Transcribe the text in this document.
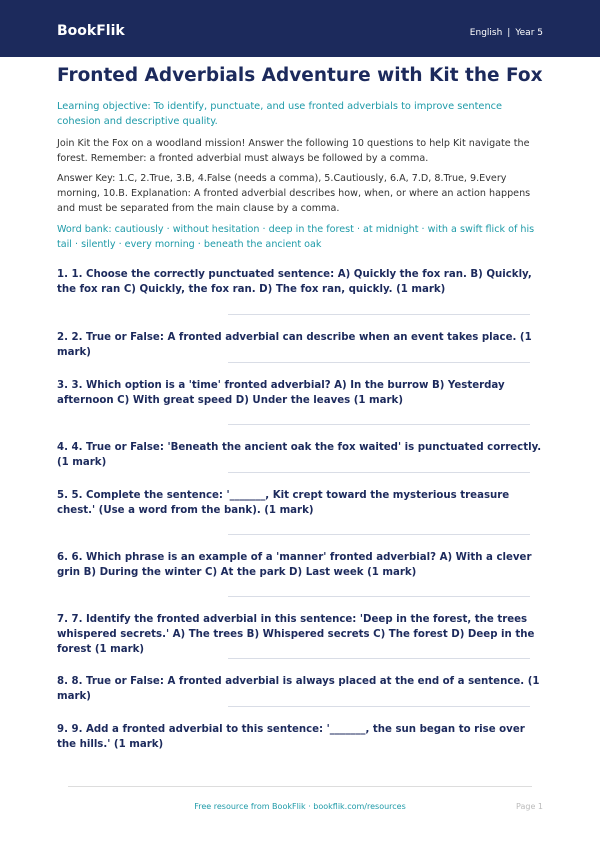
BookFlik	English | Year 5
Fronted Adverbials Adventure with Kit the Fox

Learning objective: To identify, punctuate, and use fronted adverbials to improve sentence cohesion and descriptive quality.

Join Kit the Fox on a woodland mission! Answer the following 10 questions to help Kit navigate the forest. Remember: a fronted adverbial must always be followed by a comma.

Answer Key: 1.C, 2.True, 3.B, 4.False (needs a comma), 5.Cautiously, 6.A, 7.D, 8.True, 9.Every morning, 10.B. Explanation: A fronted adverbial describes how, when, or where an action happens and must be separated from the main clause by a comma.

Word bank: cautiously · without hesitation · deep in the forest · at midnight · with a swift flick of his tail · silently · every morning · beneath the ancient oak

1. 1. Choose the correctly punctuated sentence: A) Quickly the fox ran. B) Quickly, the fox ran C) Quickly, the fox ran. D) The fox ran, quickly. (1 mark)
2. 2. True or False: A fronted adverbial can describe when an event takes place. (1 mark)
3. 3. Which option is a 'time' fronted adverbial? A) In the burrow B) Yesterday afternoon C) With great speed D) Under the leaves (1 mark)
4. 4. True or False: 'Beneath the ancient oak the fox waited' is punctuated correctly. (1 mark)
5. 5. Complete the sentence: '_______, Kit crept toward the mysterious treasure chest.' (Use a word from the bank). (1 mark)
6. 6. Which phrase is an example of a 'manner' fronted adverbial? A) With a clever grin B) During the winter C) At the park D) Last week (1 mark)
7. 7. Identify the fronted adverbial in this sentence: 'Deep in the forest, the trees whispered secrets.' A) The trees B) Whispered secrets C) The forest D) Deep in the forest (1 mark)
8. 8. True or False: A fronted adverbial is always placed at the end of a sentence. (1 mark)
9. 9. Add a fronted adverbial to this sentence: '_______, the sun began to rise over the hills.' (1 mark)
Free resource from BookFlik · bookflik.com/resources	Page 1
